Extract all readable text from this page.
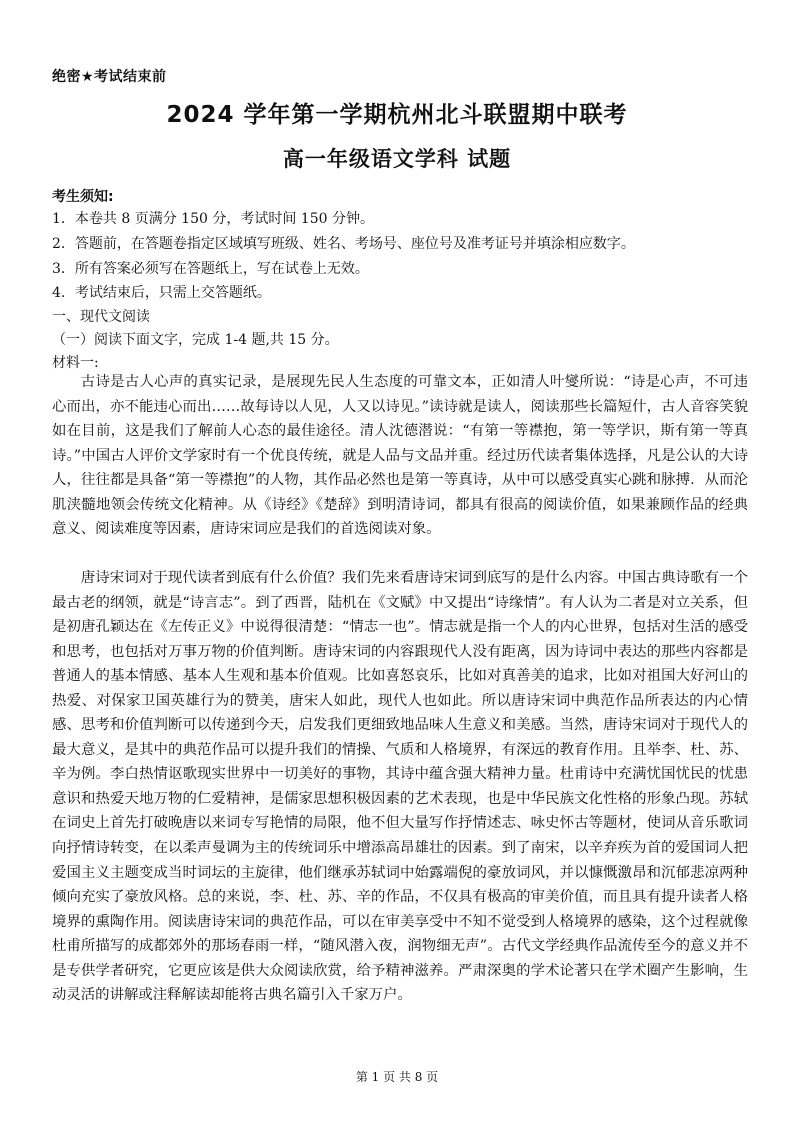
绝密★考试结束前
2024 学年第一学期杭州北斗联盟期中联考
高一年级语文学科 试题
考生须知:
1．本卷共 8 页满分 150 分，考试时间 150 分钟。
2．答题前，在答题卷指定区域填写班级、姓名、考场号、座位号及准考证号并填涂相应数字。
3．所有答案必须写在答题纸上，写在试卷上无效。
4．考试结束后，只需上交答题纸。
一、现代文阅读
（一）阅读下面文字，完成 1-4 题,共 15 分。
材料一:
古诗是古人心声的真实记录，是展现先民人生态度的可靠文本，正如清人叶燮所说：“诗是心声，不可违心而出，亦不能违心而出……故每诗以人见，人又以诗见。”读诗就是读人，阅读那些长篇短什，古人音容笑貌如在目前，这是我们了解前人心态的最佳途径。清人沈德潜说：“有第一等襟抱，第一等学识，斯有第一等真诗。”中国古人评价文学家时有一个优良传统，就是人品与文品并重。经过历代读者集体选择，凡是公认的大诗人，往往都是具备“第一等襟抱”的人物，其作品必然也是第一等真诗，从中可以感受真实心跳和脉搏．从而沦肌浃髓地领会传统文化精神。从《诗经》《楚辞》到明清诗词，都具有很高的阅读价值，如果兼顾作品的经典意义、阅读难度等因素，唐诗宋词应是我们的首选阅读对象。
唐诗宋词对于现代读者到底有什么价值？我们先来看唐诗宋词到底写的是什么内容。中国古典诗歌有一个最古老的纲领，就是“诗言志”。到了西晋，陆机在《文赋》中又提出“诗缘情”。有人认为二者是对立关系，但是初唐孔颖达在《左传正义》中说得很清楚：“情志一也”。情志就是指一个人的内心世界，包括对生活的感受和思考，也包括对万事万物的价值判断。唐诗宋词的内容跟现代人没有距离，因为诗词中表达的那些内容都是普通人的基本情感、基本人生观和基本价值观。比如喜怒哀乐，比如对真善美的追求，比如对祖国大好河山的热爱、对保家卫国英雄行为的赞美，唐宋人如此，现代人也如此。所以唐诗宋词中典范作品所表达的内心情感、思考和价值判断可以传递到今天，启发我们更细致地品味人生意义和美感。当然，唐诗宋词对于现代人的最大意义，是其中的典范作品可以提升我们的情操、气质和人格境界，有深远的教育作用。且举李、杜、苏、辛为例。李白热情讴歌现实世界中一切美好的事物，其诗中蕴含强大精神力量。杜甫诗中充满忧国忧民的忧患意识和热爱天地万物的仁爱精神，是儒家思想积极因素的艺术表现，也是中华民族文化性格的形象凸现。苏轼在词史上首先打破晚唐以来词专写艳情的局限，他不但大量写作抒情述志、咏史怀古等题材，使词从音乐歌词向抒情诗转变，在以柔声曼调为主的传统词乐中增添高昂雄壮的因素。到了南宋，以辛弃疾为首的爱国词人把爱国主义主题变成当时词坛的主旋律，他们继承苏轼词中始露端倪的豪放词风，并以慷慨激昂和沉郁悲凉两种倾向充实了豪放风格。总的来说，李、杜、苏、辛的作品，不仅具有极高的审美价值，而且具有提升读者人格境界的熏陶作用。阅读唐诗宋词的典范作品，可以在审美享受中不知不觉受到人格境界的感染，这个过程就像杜甫所描写的成都郊外的那场春雨一样，“随风潜入夜，润物细无声”。古代文学经典作品流传至今的意义并不是专供学者研究，它更应该是供大众阅读欣赏，给予精神滋养。严肃深奥的学术论著只在学术圈产生影响，生动灵活的讲解或注释解读却能将古典名篇引入千家万户。
第 1 页 共 8 页
